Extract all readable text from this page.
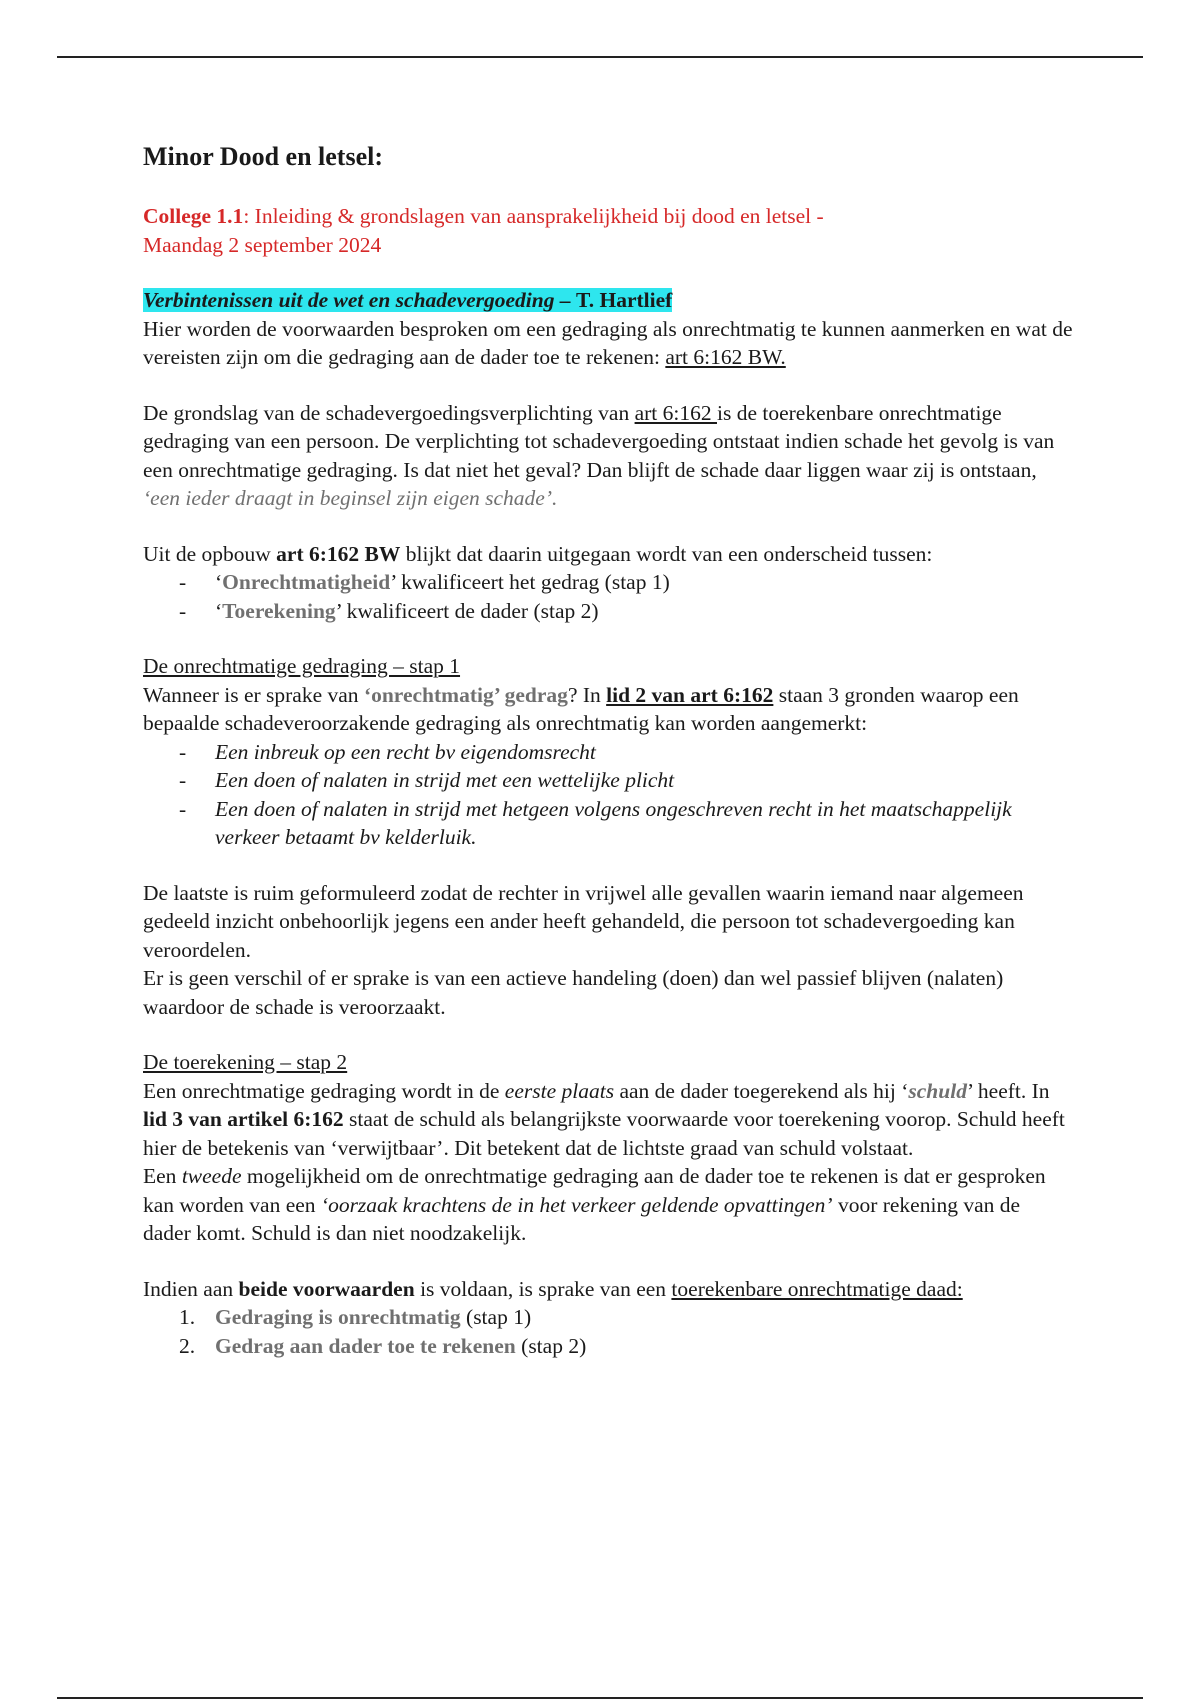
Minor Dood en letsel:

College 1.1: Inleiding & grondslagen van aansprakelijkheid bij dood en letsel -
Maandag 2 september 2024

Verbintenissen uit de wet en schadevergoeding – T. Hartlief

Hier worden de voorwaarden besproken om een gedraging als onrechtmatig te kunnen aanmerken en wat de vereisten zijn om die gedraging aan de dader toe te rekenen: art 6:162 BW.

De grondslag van de schadevergoedingsverplichting van art 6:162 is de toerekenbare onrechtmatige gedraging van een persoon. De verplichting tot schadevergoeding ontstaat indien schade het gevolg is van een onrechtmatige gedraging. Is dat niet het geval? Dan blijft de schade daar liggen waar zij is ontstaan, ‘een ieder draagt in beginsel zijn eigen schade’.

Uit de opbouw art 6:162 BW blijkt dat daarin uitgegaan wordt van een onderscheid tussen:

- ‘Onrechtmatigheid’ kwalificeert het gedrag (stap 1)
- ‘Toerekening’ kwalificeert de dader (stap 2)

De onrechtmatige gedraging – stap 1

Wanneer is er sprake van ‘onrechtmatig’ gedrag? In lid 2 van art 6:162 staan 3 gronden waarop een bepaalde schadeveroorzakende gedraging als onrechtmatig kan worden aangemerkt:

- Een inbreuk op een recht bv eigendomsrecht
- Een doen of nalaten in strijd met een wettelijke plicht
- Een doen of nalaten in strijd met hetgeen volgens ongeschreven recht in het maatschappelijk verkeer betaamt bv kelderluik.

De laatste is ruim geformuleerd zodat de rechter in vrijwel alle gevallen waarin iemand naar algemeen gedeeld inzicht onbehoorlijk jegens een ander heeft gehandeld, die persoon tot schadevergoeding kan veroordelen.

Er is geen verschil of er sprake is van een actieve handeling (doen) dan wel passief blijven (nalaten) waardoor de schade is veroorzaakt.

De toerekening – stap 2

Een onrechtmatige gedraging wordt in de eerste plaats aan de dader toegerekend als hij ‘schuld’ heeft. In lid 3 van artikel 6:162 staat de schuld als belangrijkste voorwaarde voor toerekening voorop. Schuld heeft hier de betekenis van ‘verwijtbaar’. Dit betekent dat de lichtste graad van schuld volstaat.

Een tweede mogelijkheid om de onrechtmatige gedraging aan de dader toe te rekenen is dat er gesproken kan worden van een ‘oorzaak krachtens de in het verkeer geldende opvattingen’ voor rekening van de dader komt. Schuld is dan niet noodzakelijk.

Indien aan beide voorwaarden is voldaan, is sprake van een toerekenbare onrechtmatige daad:

1. Gedraging is onrechtmatig (stap 1)
2. Gedrag aan dader toe te rekenen (stap 2)
